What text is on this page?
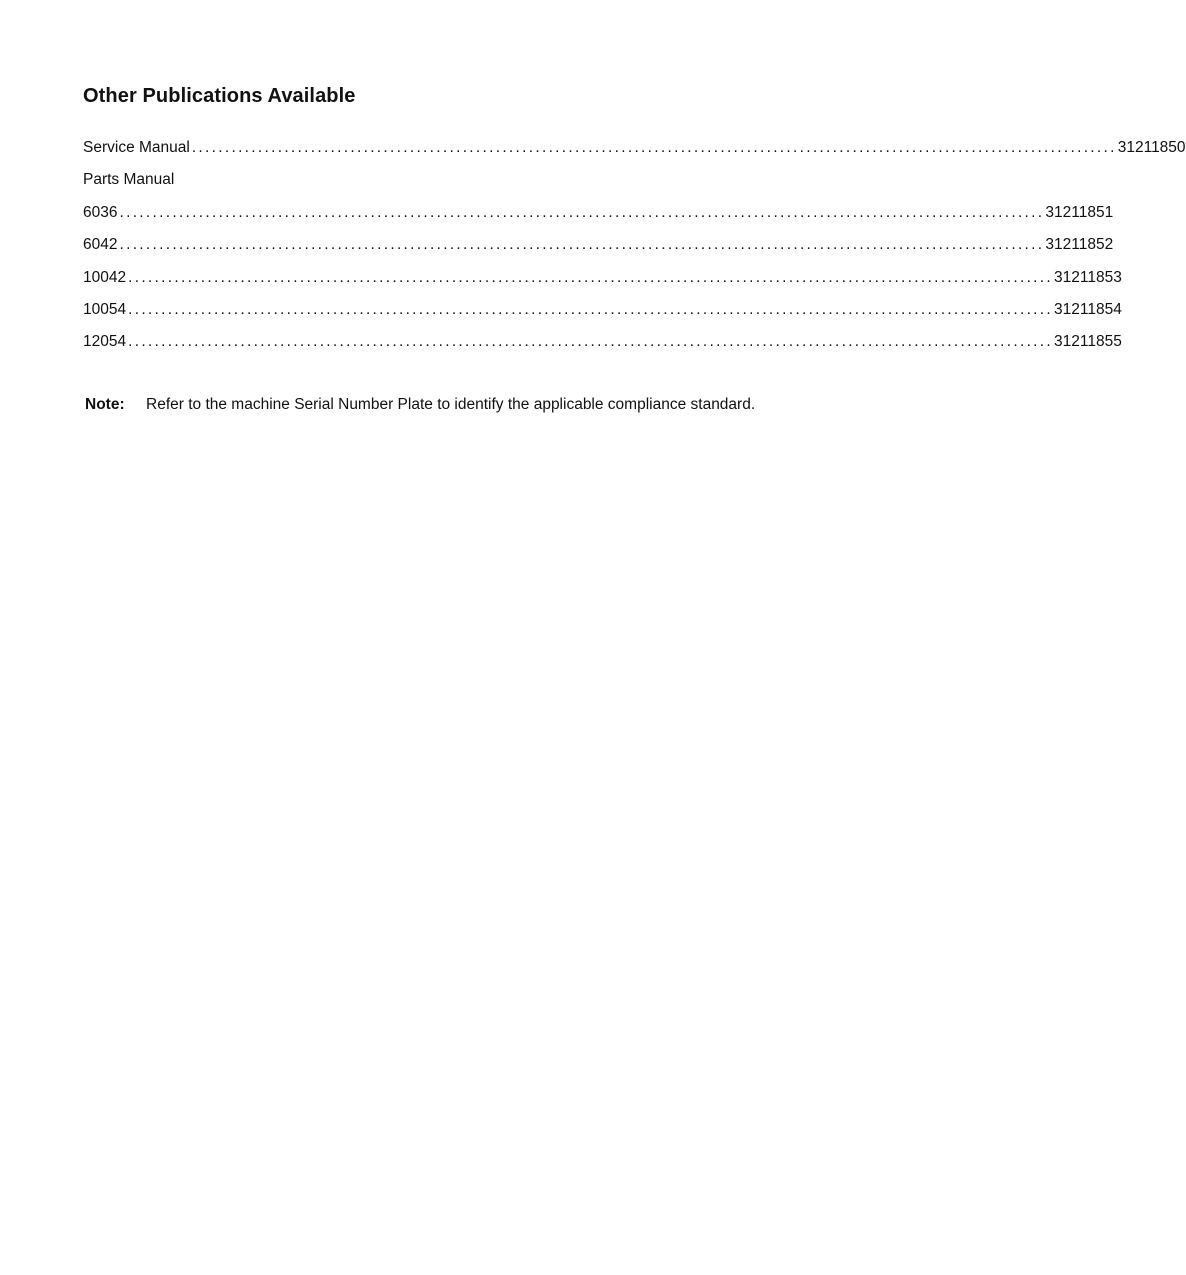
Other Publications Available
Service Manual ............................................................................................................................................ 31211850
Parts Manual
6036 ............................................................................................................................................ 31211851
6042 ............................................................................................................................................ 31211852
10042 ............................................................................................................................................ 31211853
10054 ............................................................................................................................................ 31211854
12054 ............................................................................................................................................ 31211855
Note:	Refer to the machine Serial Number Plate to identify the applicable compliance standard.
